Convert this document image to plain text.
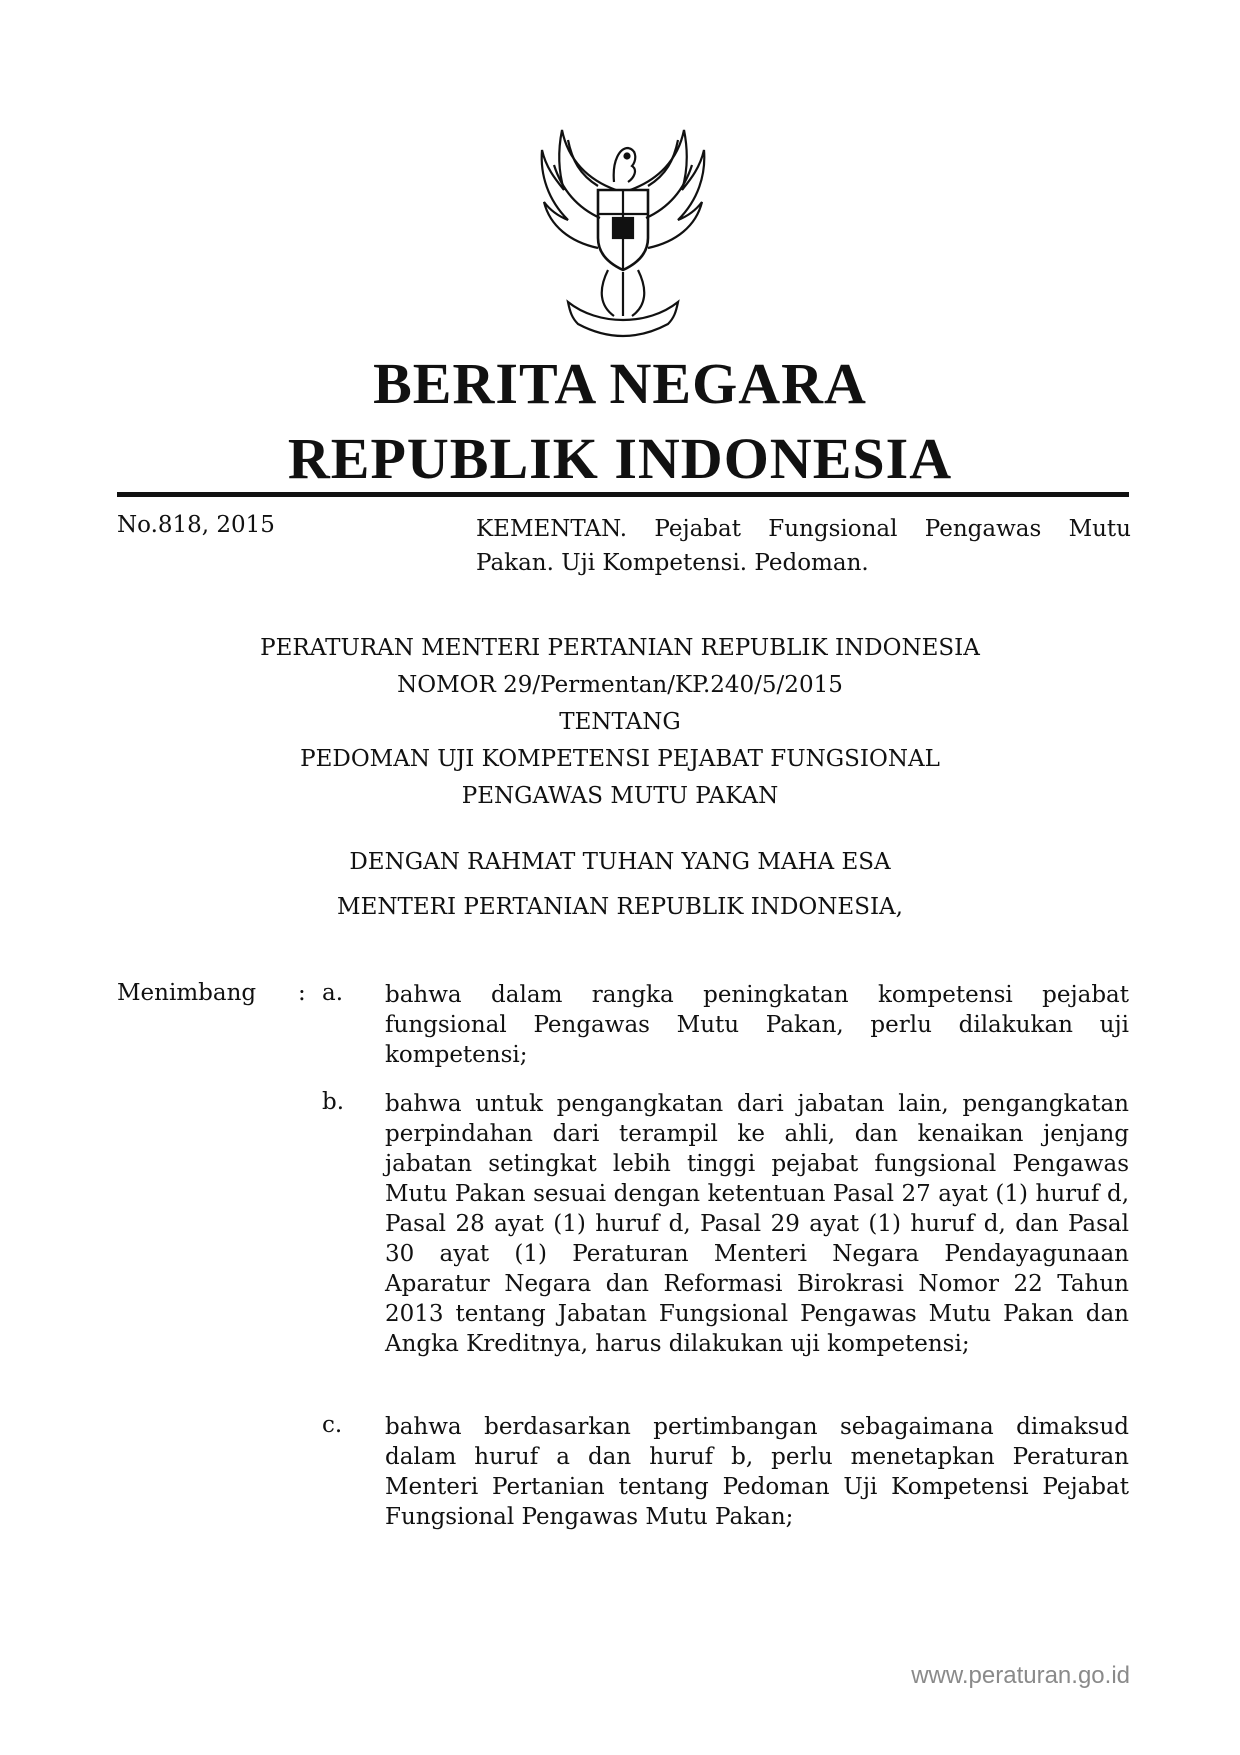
BERITA NEGARA
REPUBLIK INDONESIA
No.818, 2015	KEMENTAN. Pejabat Fungsional Pengawas Mutu Pakan. Uji Kompetensi. Pedoman.
PERATURAN MENTERI PERTANIAN REPUBLIK INDONESIA
NOMOR 29/Permentan/KP.240/5/2015
TENTANG
PEDOMAN UJI KOMPETENSI PEJABAT FUNGSIONAL
PENGAWAS MUTU PAKAN
DENGAN RAHMAT TUHAN YANG MAHA ESA
MENTERI PERTANIAN REPUBLIK INDONESIA,
Menimbang : a. bahwa dalam rangka peningkatan kompetensi pejabat fungsional Pengawas Mutu Pakan, perlu dilakukan uji kompetensi;
b. bahwa untuk pengangkatan dari jabatan lain, pengangkatan perpindahan dari terampil ke ahli, dan kenaikan jenjang jabatan setingkat lebih tinggi pejabat fungsional Pengawas Mutu Pakan sesuai dengan ketentuan Pasal 27 ayat (1) huruf d, Pasal 28 ayat (1) huruf d, Pasal 29 ayat (1) huruf d, dan Pasal 30 ayat (1) Peraturan Menteri Negara Pendayagunaan Aparatur Negara dan Reformasi Birokrasi Nomor 22 Tahun 2013 tentang Jabatan Fungsional Pengawas Mutu Pakan dan Angka Kreditnya, harus dilakukan uji kompetensi;
c. bahwa berdasarkan pertimbangan sebagaimana dimaksud dalam huruf a dan huruf b, perlu menetapkan Peraturan Menteri Pertanian tentang Pedoman Uji Kompetensi Pejabat Fungsional Pengawas Mutu Pakan;
www.peraturan.go.id
